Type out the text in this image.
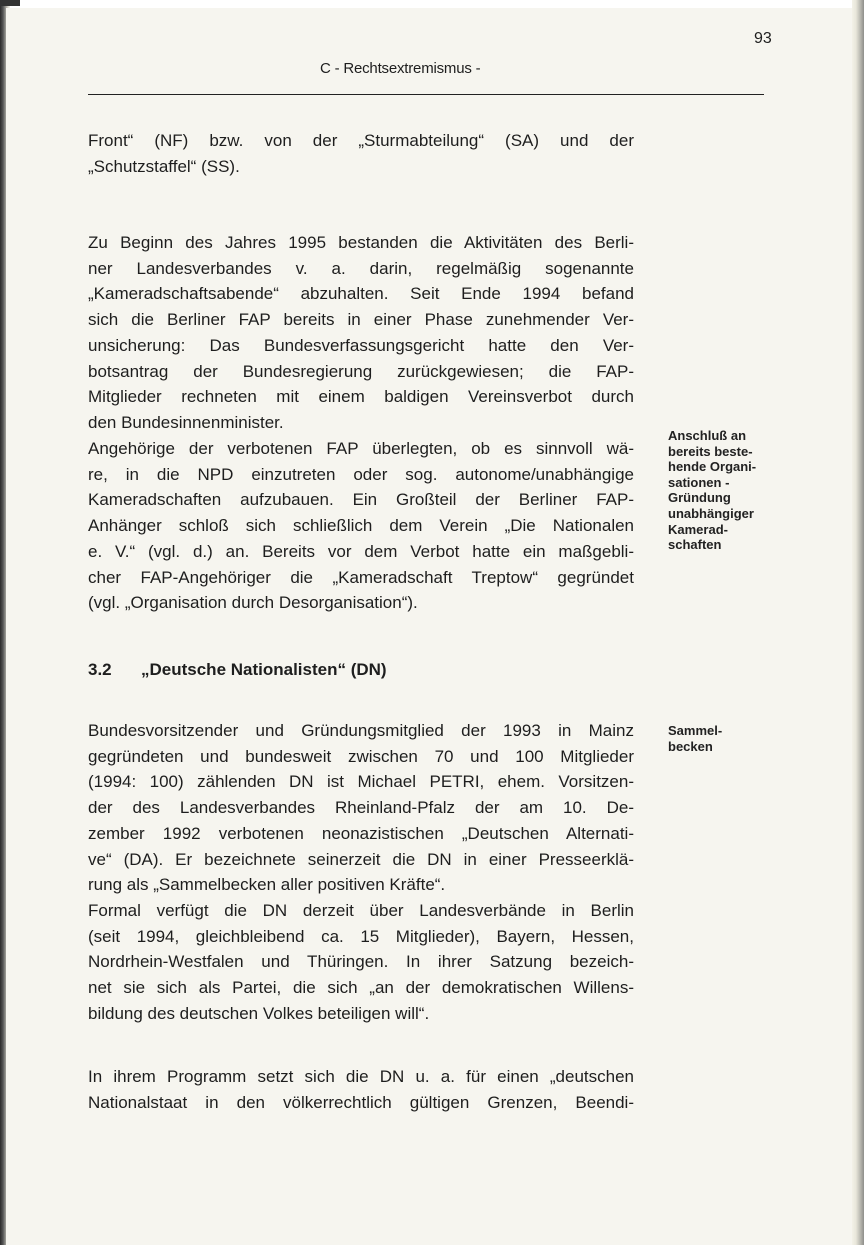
93
C - Rechtsextremismus -
Front“ (NF) bzw. von der „Sturmabteilung“ (SA) und der
„Schutzstaffel“ (SS).
Zu Beginn des Jahres 1995 bestanden die Aktivitäten des Berli-
ner Landesverbandes v. a. darin, regelmäßig sogenannte
„Kameradschaftsabende“ abzuhalten. Seit Ende 1994 befand
sich die Berliner FAP bereits in einer Phase zunehmender Ver-
unsicherung: Das Bundesverfassungsgericht hatte den Ver-
botsantrag der Bundesregierung zurückgewiesen; die FAP-
Mitglieder rechneten mit einem baldigen Vereinsverbot durch
den Bundesinnenminister.
Angehörige der verbotenen FAP überlegten, ob es sinnvoll wä-
re, in die NPD einzutreten oder sog. autonome/unabhängige
Kameradschaften aufzubauen. Ein Großteil der Berliner FAP-
Anhänger schloß sich schließlich dem Verein „Die Nationalen
e. V.“ (vgl. d.) an. Bereits vor dem Verbot hatte ein maßgebli-
cher FAP-Angehöriger die „Kameradschaft Treptow“ gegründet
(vgl. „Organisation durch Desorganisation“).
Anschluß an
bereits beste-
hende Organi-
sationen -
Gründung
unabhängiger
Kamerad-
schaften
3.2 „Deutsche Nationalisten“ (DN)
Bundesvorsitzender und Gründungsmitglied der 1993 in Mainz
gegründeten und bundesweit zwischen 70 und 100 Mitglieder
(1994: 100) zählenden DN ist Michael PETRI, ehem. Vorsitzen-
der des Landesverbandes Rheinland-Pfalz der am 10. De-
zember 1992 verbotenen neonazistischen „Deutschen Alternati-
ve“ (DA). Er bezeichnete seinerzeit die DN in einer Presseerklä-
rung als „Sammelbecken aller positiven Kräfte“.
Formal verfügt die DN derzeit über Landesverbände in Berlin
(seit 1994, gleichbleibend ca. 15 Mitglieder), Bayern, Hessen,
Nordrhein-Westfalen und Thüringen. In ihrer Satzung bezeich-
net sie sich als Partei, die sich „an der demokratischen Willens-
bildung des deutschen Volkes beteiligen will“.
Sammel-
becken
In ihrem Programm setzt sich die DN u. a. für einen „deutschen
Nationalstaat in den völkerrechtlich gültigen Grenzen, Beendi-
